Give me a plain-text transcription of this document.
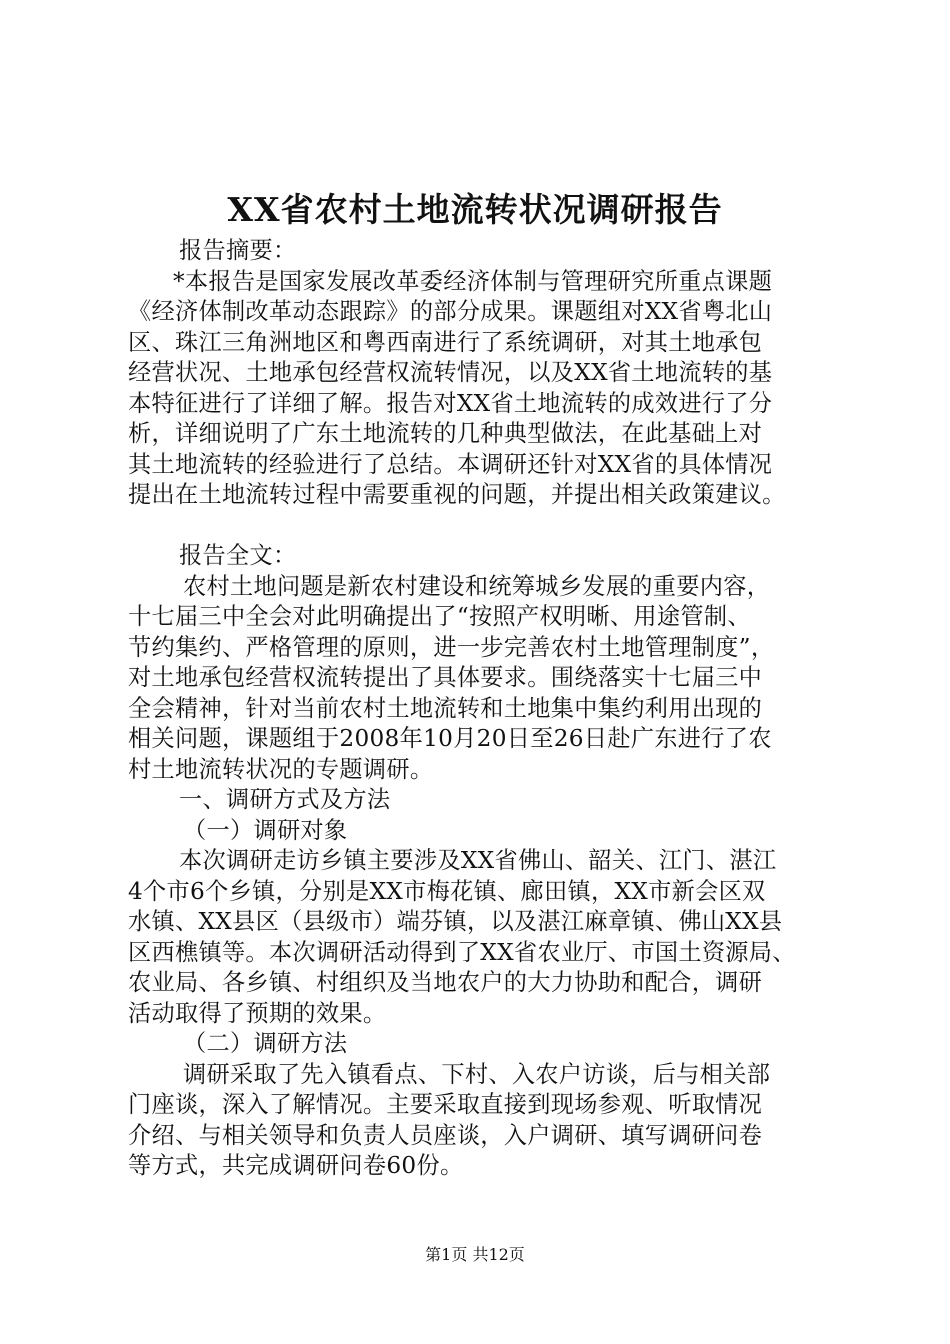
XX省农村土地流转状况调研报告
报告摘要：
*本报告是国家发展改革委经济体制与管理研究所重点课题
《经济体制改革动态跟踪》的部分成果。课题组对XX省粤北山
区、珠江三角洲地区和粤西南进行了系统调研，对其土地承包
经营状况、土地承包经营权流转情况，以及XX省土地流转的基
本特征进行了详细了解。报告对XX省土地流转的成效进行了分
析，详细说明了广东土地流转的几种典型做法，在此基础上对
其土地流转的经验进行了总结。本调研还针对XX省的具体情况
提出在土地流转过程中需要重视的问题，并提出相关政策建议。
报告全文：
农村土地问题是新农村建设和统筹城乡发展的重要内容，
十七届三中全会对此明确提出了“按照产权明晰、用途管制、
节约集约、严格管理的原则，进一步完善农村土地管理制度”，
对土地承包经营权流转提出了具体要求。围绕落实十七届三中
全会精神，针对当前农村土地流转和土地集中集约利用出现的
相关问题，课题组于2008年10月20日至26日赴广东进行了农
村土地流转状况的专题调研。
一、调研方式及方法
（一）调研对象
本次调研走访乡镇主要涉及XX省佛山、韶关、江门、湛江
4个市6个乡镇，分别是XX市梅花镇、廊田镇，XX市新会区双
水镇、XX县区（县级市）端芬镇，以及湛江麻章镇、佛山XX县
区西樵镇等。本次调研活动得到了XX省农业厅、市国土资源局、
农业局、各乡镇、村组织及当地农户的大力协助和配合，调研
活动取得了预期的效果。
（二）调研方法
调研采取了先入镇看点、下村、入农户访谈，后与相关部
门座谈，深入了解情况。主要采取直接到现场参观、听取情况
介绍、与相关领导和负责人员座谈，入户调研、填写调研问卷
等方式，共完成调研问卷60份。
第1页 共12页
